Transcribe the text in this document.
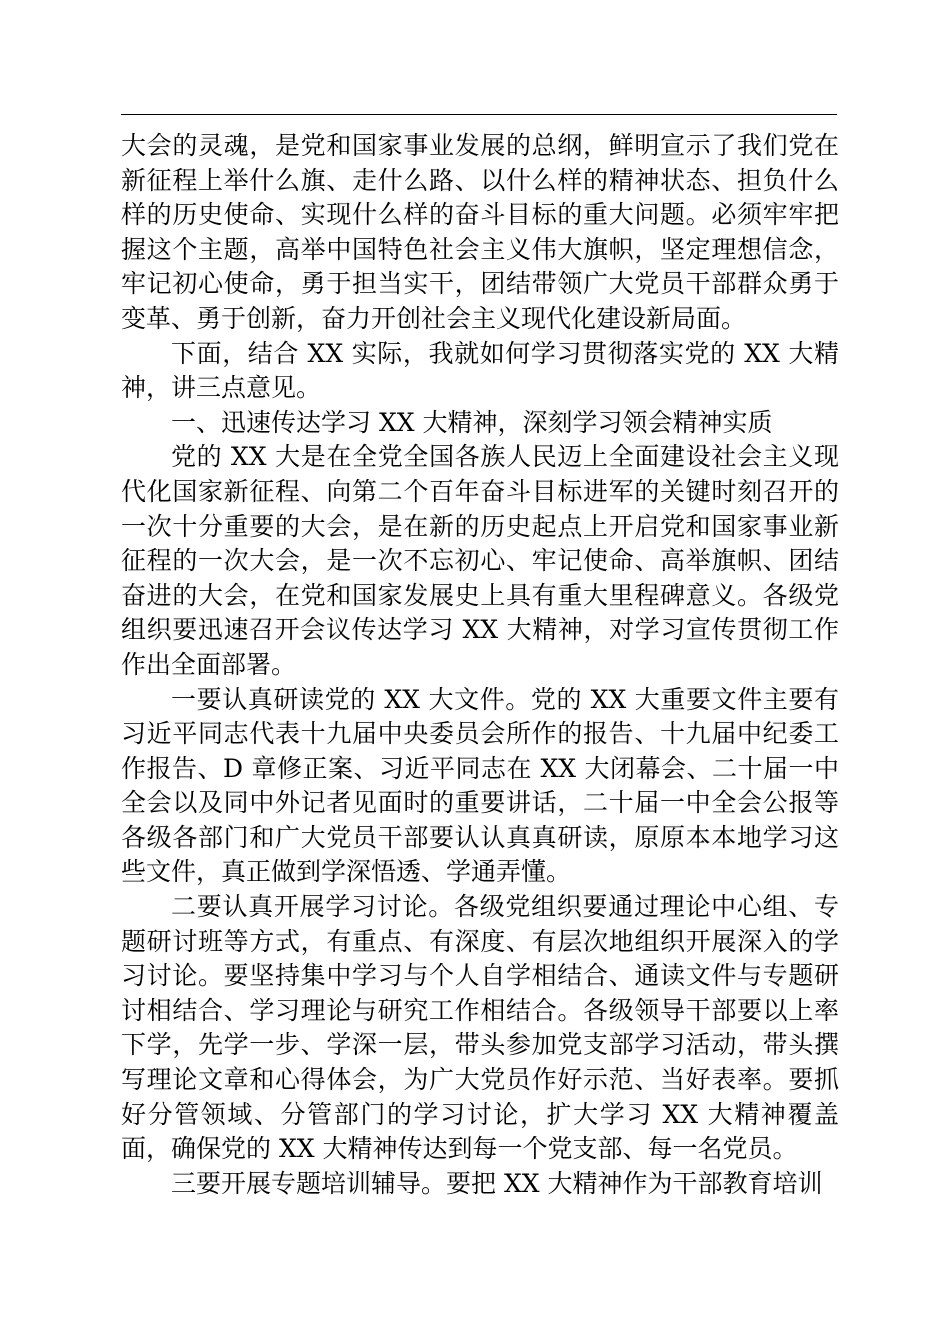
大会的灵魂，是党和国家事业发展的总纲，鲜明宣示了我们党在新征程上举什么旗、走什么路、以什么样的精神状态、担负什么样的历史使命、实现什么样的奋斗目标的重大问题。必须牢牢把握这个主题，高举中国特色社会主义伟大旗帜，坚定理想信念，牢记初心使命，勇于担当实干，团结带领广大党员干部群众勇于变革、勇于创新，奋力开创社会主义现代化建设新局面。

下面，结合 XX 实际，我就如何学习贯彻落实党的 XX 大精神，讲三点意见。

一、迅速传达学习 XX 大精神，深刻学习领会精神实质

党的 XX 大是在全党全国各族人民迈上全面建设社会主义现代化国家新征程、向第二个百年奋斗目标进军的关键时刻召开的一次十分重要的大会，是在新的历史起点上开启党和国家事业新征程的一次大会，是一次不忘初心、牢记使命、高举旗帜、团结奋进的大会，在党和国家发展史上具有重大里程碑意义。各级党组织要迅速召开会议传达学习 XX 大精神，对学习宣传贯彻工作作出全面部署。

一要认真研读党的 XX 大文件。党的 XX 大重要文件主要有习近平同志代表十九届中央委员会所作的报告、十九届中纪委工作报告、D 章修正案、习近平同志在 XX 大闭幕会、二十届一中全会以及同中外记者见面时的重要讲话，二十届一中全会公报等各级各部门和广大党员干部要认认真真研读，原原本本地学习这些文件，真正做到学深悟透、学通弄懂。

二要认真开展学习讨论。各级党组织要通过理论中心组、专题研讨班等方式，有重点、有深度、有层次地组织开展深入的学习讨论。要坚持集中学习与个人自学相结合、通读文件与专题研讨相结合、学习理论与研究工作相结合。各级领导干部要以上率下学，先学一步、学深一层，带头参加党支部学习活动，带头撰写理论文章和心得体会，为广大党员作好示范、当好表率。要抓好分管领域、分管部门的学习讨论，扩大学习 XX 大精神覆盖面，确保党的 XX 大精神传达到每一个党支部、每一名党员。

三要开展专题培训辅导。要把 XX 大精神作为干部教育培训
